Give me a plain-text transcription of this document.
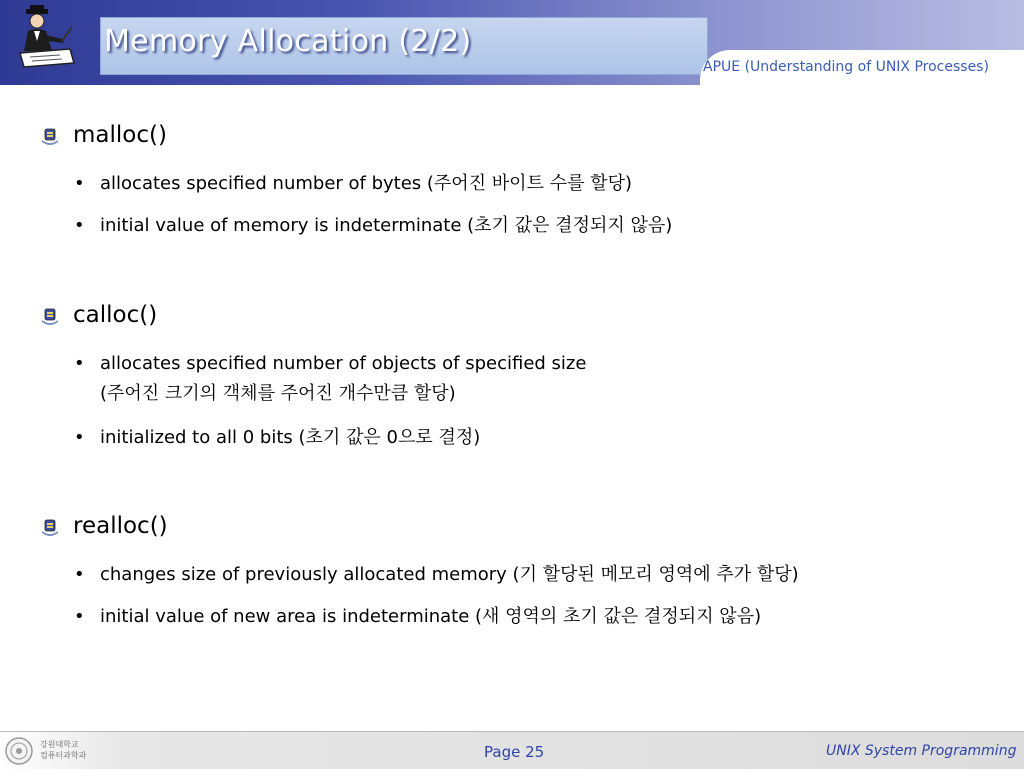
Memory Allocation (2/2)
APUE (Understanding of UNIX Processes)
malloc()
• allocates specified number of bytes (주어진 바이트 수를 할당)
• initial value of memory is indeterminate (초기 값은 결정되지 않음)
calloc()
• allocates specified number of objects of specified size
(주어진 크기의 객체를 주어진 개수만큼 할당)
• initialized to all 0 bits (초기 값은 0으로 결정)
realloc()
• changes size of previously allocated memory (기 할당된 메모리 영역에 추가 할당)
• initial value of new area is indeterminate (새 영역의 초기 값은 결정되지 않음)
강원대학교
컴퓨터과학과	Page 25	UNIX System Programming
